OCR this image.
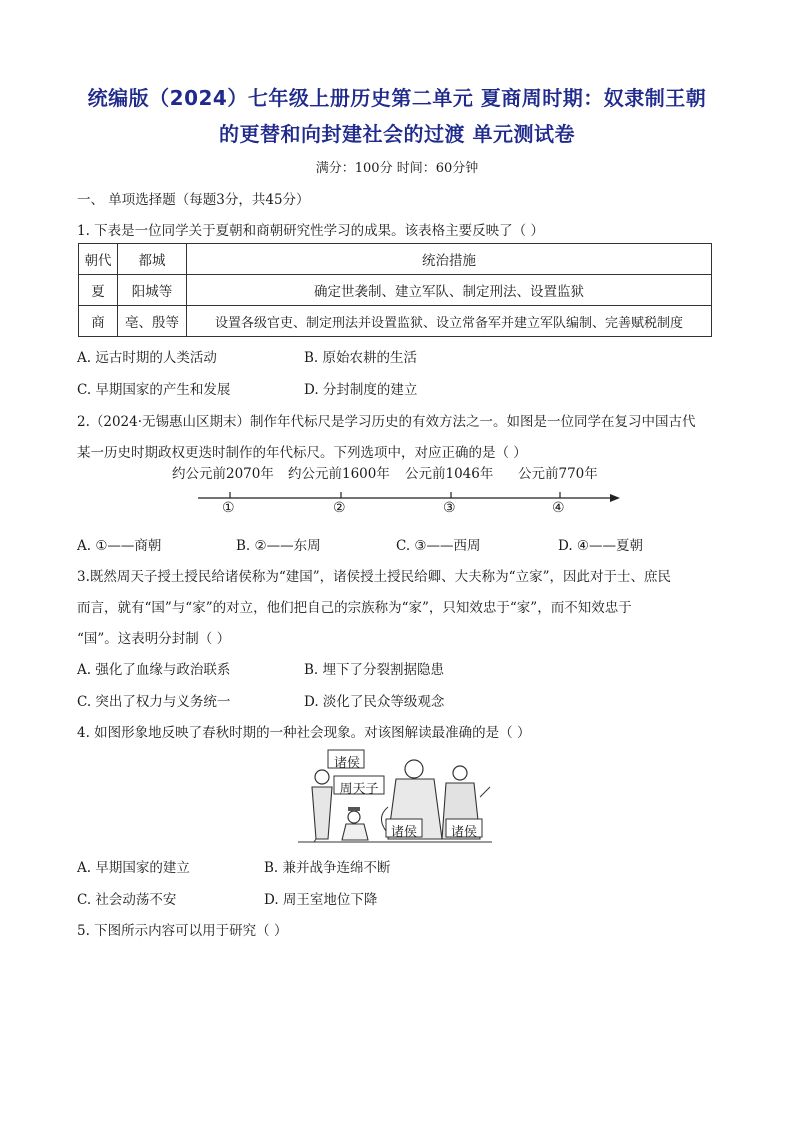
统编版（2024）七年级上册历史第二单元 夏商周时期：奴隶制王朝
的更替和向封建社会的过渡 单元测试卷
满分：100分 时间：60分钟
一、 单项选择题（每题3分，共45分）
1. 下表是一位同学关于夏朝和商朝研究性学习的成果。该表格主要反映了（ ）
朝代	都城	统治措施
夏	阳城等	确定世袭制、建立军队、制定刑法、设置监狱
商	亳、殷等	设置各级官吏、制定刑法并设置监狱、设立常备军并建立军队编制、完善赋税制度
A. 远古时期的人类活动	B. 原始农耕的生活
C. 早期国家的产生和发展	D. 分封制度的建立
2.（2024·无锡惠山区期末）制作年代标尺是学习历史的有效方法之一。如图是一位同学在复习中国古代
某一历史时期政权更迭时制作的年代标尺。下列选项中，对应正确的是（ ）
约公元前2070年 约公元前1600年 公元前1046年 公元前770年
①	②	③	④
A. ①——商朝	B. ②——东周	C. ③——西周	D. ④——夏朝
3.既然周天子授土授民给诸侯称为“建国”，诸侯授土授民给卿、大夫称为“立家”，因此对于士、庶民
而言，就有“国”与“家”的对立，他们把自己的宗族称为“家”，只知效忠于“家”，而不知效忠于
“国”。这表明分封制（ ）
A. 强化了血缘与政治联系	B. 埋下了分裂割据隐患
C. 突出了权力与义务统一	D. 淡化了民众等级观念
4. 如图形象地反映了春秋时期的一种社会现象。对该图解读最准确的是（ ）
诸侯
周天子
诸侯	诸侯
A. 早期国家的建立	B. 兼并战争连绵不断
C. 社会动荡不安	D. 周王室地位下降
5. 下图所示内容可以用于研究（ ）
